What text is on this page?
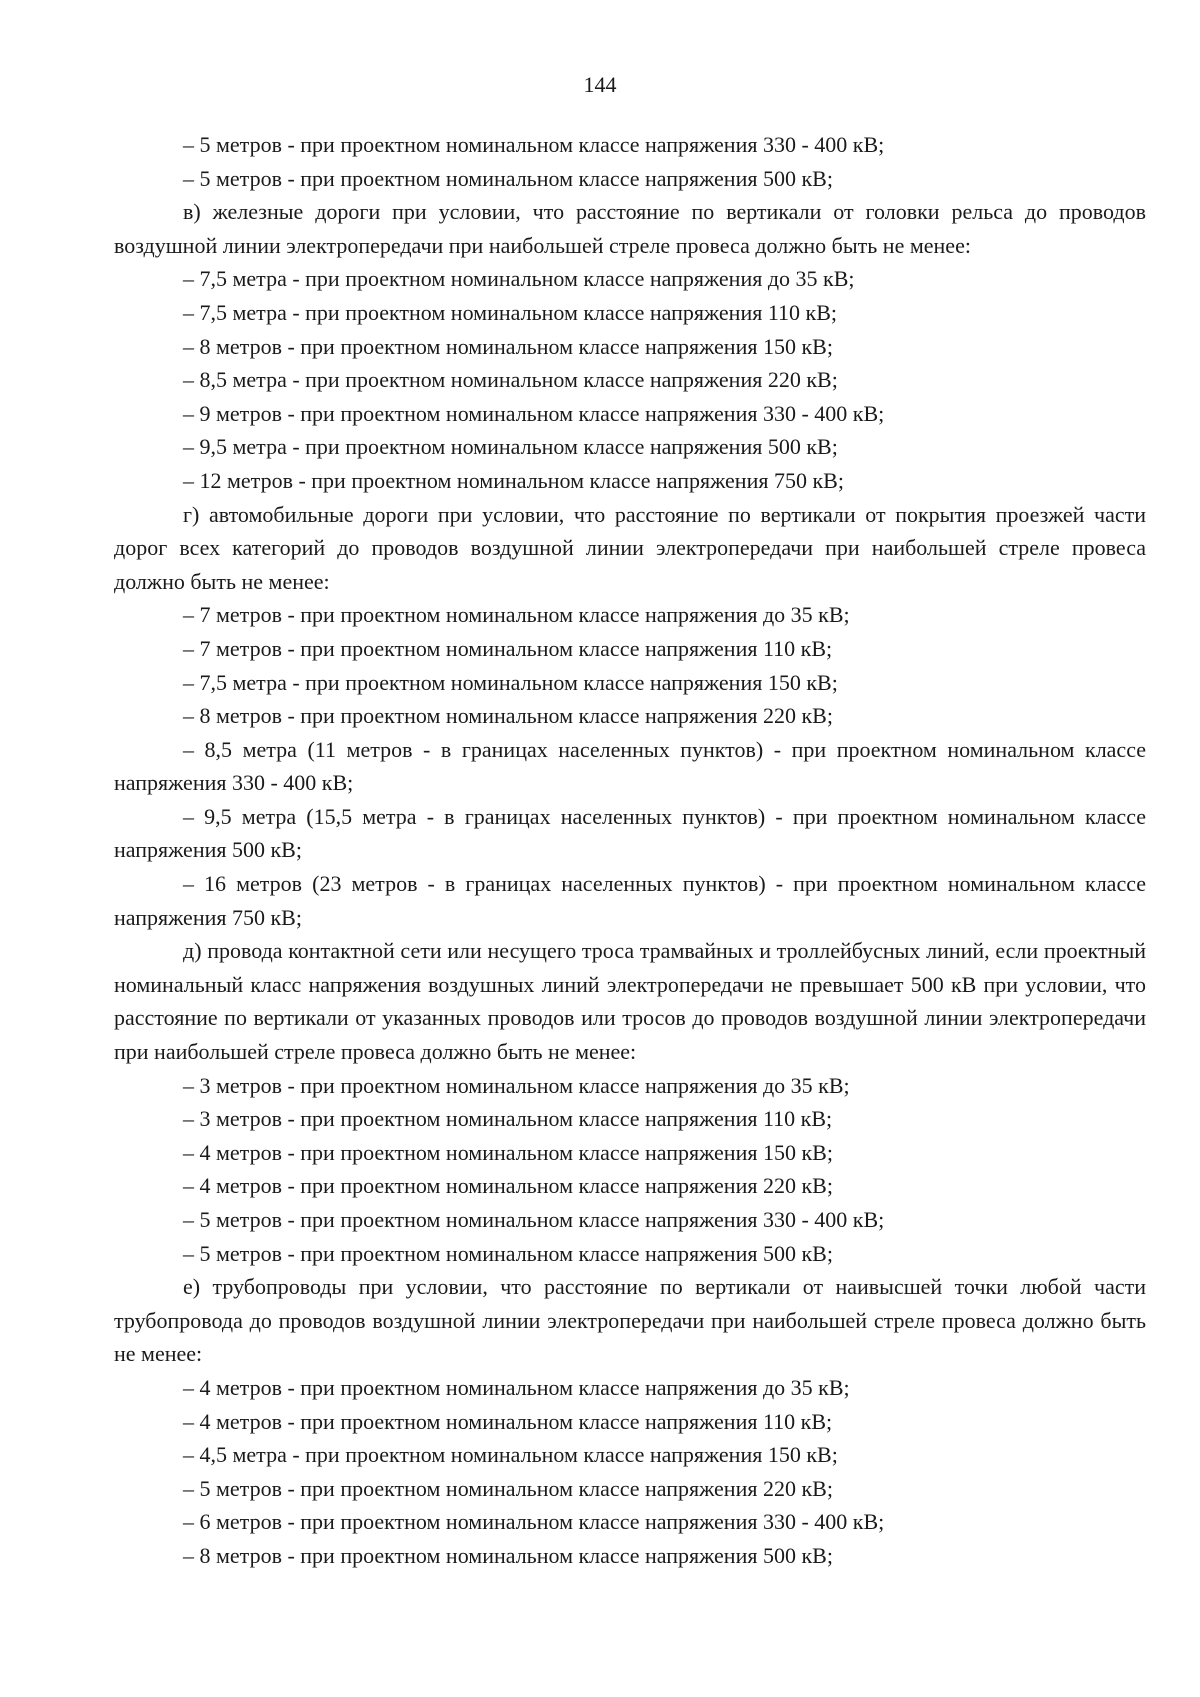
144

– 5 метров - при проектном номинальном классе напряжения 330 - 400 кВ;

– 5 метров - при проектном номинальном классе напряжения 500 кВ;

в) железные дороги при условии, что расстояние по вертикали от головки рельса до проводов воздушной линии электропередачи при наибольшей стреле провеса должно быть не менее:

– 7,5 метра - при проектном номинальном классе напряжения до 35 кВ;

– 7,5 метра - при проектном номинальном классе напряжения 110 кВ;

– 8 метров - при проектном номинальном классе напряжения 150 кВ;

– 8,5 метра - при проектном номинальном классе напряжения 220 кВ;

– 9 метров - при проектном номинальном классе напряжения 330 - 400 кВ;

– 9,5 метра - при проектном номинальном классе напряжения 500 кВ;

– 12 метров - при проектном номинальном классе напряжения 750 кВ;

г) автомобильные дороги при условии, что расстояние по вертикали от покрытия проезжей части дорог всех категорий до проводов воздушной линии электропередачи при наибольшей стреле провеса должно быть не менее:

– 7 метров - при проектном номинальном классе напряжения до 35 кВ;

– 7 метров - при проектном номинальном классе напряжения 110 кВ;

– 7,5 метра - при проектном номинальном классе напряжения 150 кВ;

– 8 метров - при проектном номинальном классе напряжения 220 кВ;

– 8,5 метра (11 метров - в границах населенных пунктов) - при проектном номинальном классе напряжения 330 - 400 кВ;

– 9,5 метра (15,5 метра - в границах населенных пунктов) - при проектном номинальном классе напряжения 500 кВ;

– 16 метров (23 метров - в границах населенных пунктов) - при проектном номинальном классе напряжения 750 кВ;

д) провода контактной сети или несущего троса трамвайных и троллейбусных линий, если проектный номинальный класс напряжения воздушных линий электропередачи не превышает 500 кВ при условии, что расстояние по вертикали от указанных проводов или тросов до проводов воздушной линии электропередачи при наибольшей стреле провеса должно быть не менее:

– 3 метров - при проектном номинальном классе напряжения до 35 кВ;

– 3 метров - при проектном номинальном классе напряжения 110 кВ;

– 4 метров - при проектном номинальном классе напряжения 150 кВ;

– 4 метров - при проектном номинальном классе напряжения 220 кВ;

– 5 метров - при проектном номинальном классе напряжения 330 - 400 кВ;

– 5 метров - при проектном номинальном классе напряжения 500 кВ;

е) трубопроводы при условии, что расстояние по вертикали от наивысшей точки любой части трубопровода до проводов воздушной линии электропередачи при наибольшей стреле провеса должно быть не менее:

– 4 метров - при проектном номинальном классе напряжения до 35 кВ;

– 4 метров - при проектном номинальном классе напряжения 110 кВ;

– 4,5 метра - при проектном номинальном классе напряжения 150 кВ;

– 5 метров - при проектном номинальном классе напряжения 220 кВ;

– 6 метров - при проектном номинальном классе напряжения 330 - 400 кВ;

– 8 метров - при проектном номинальном классе напряжения 500 кВ;
